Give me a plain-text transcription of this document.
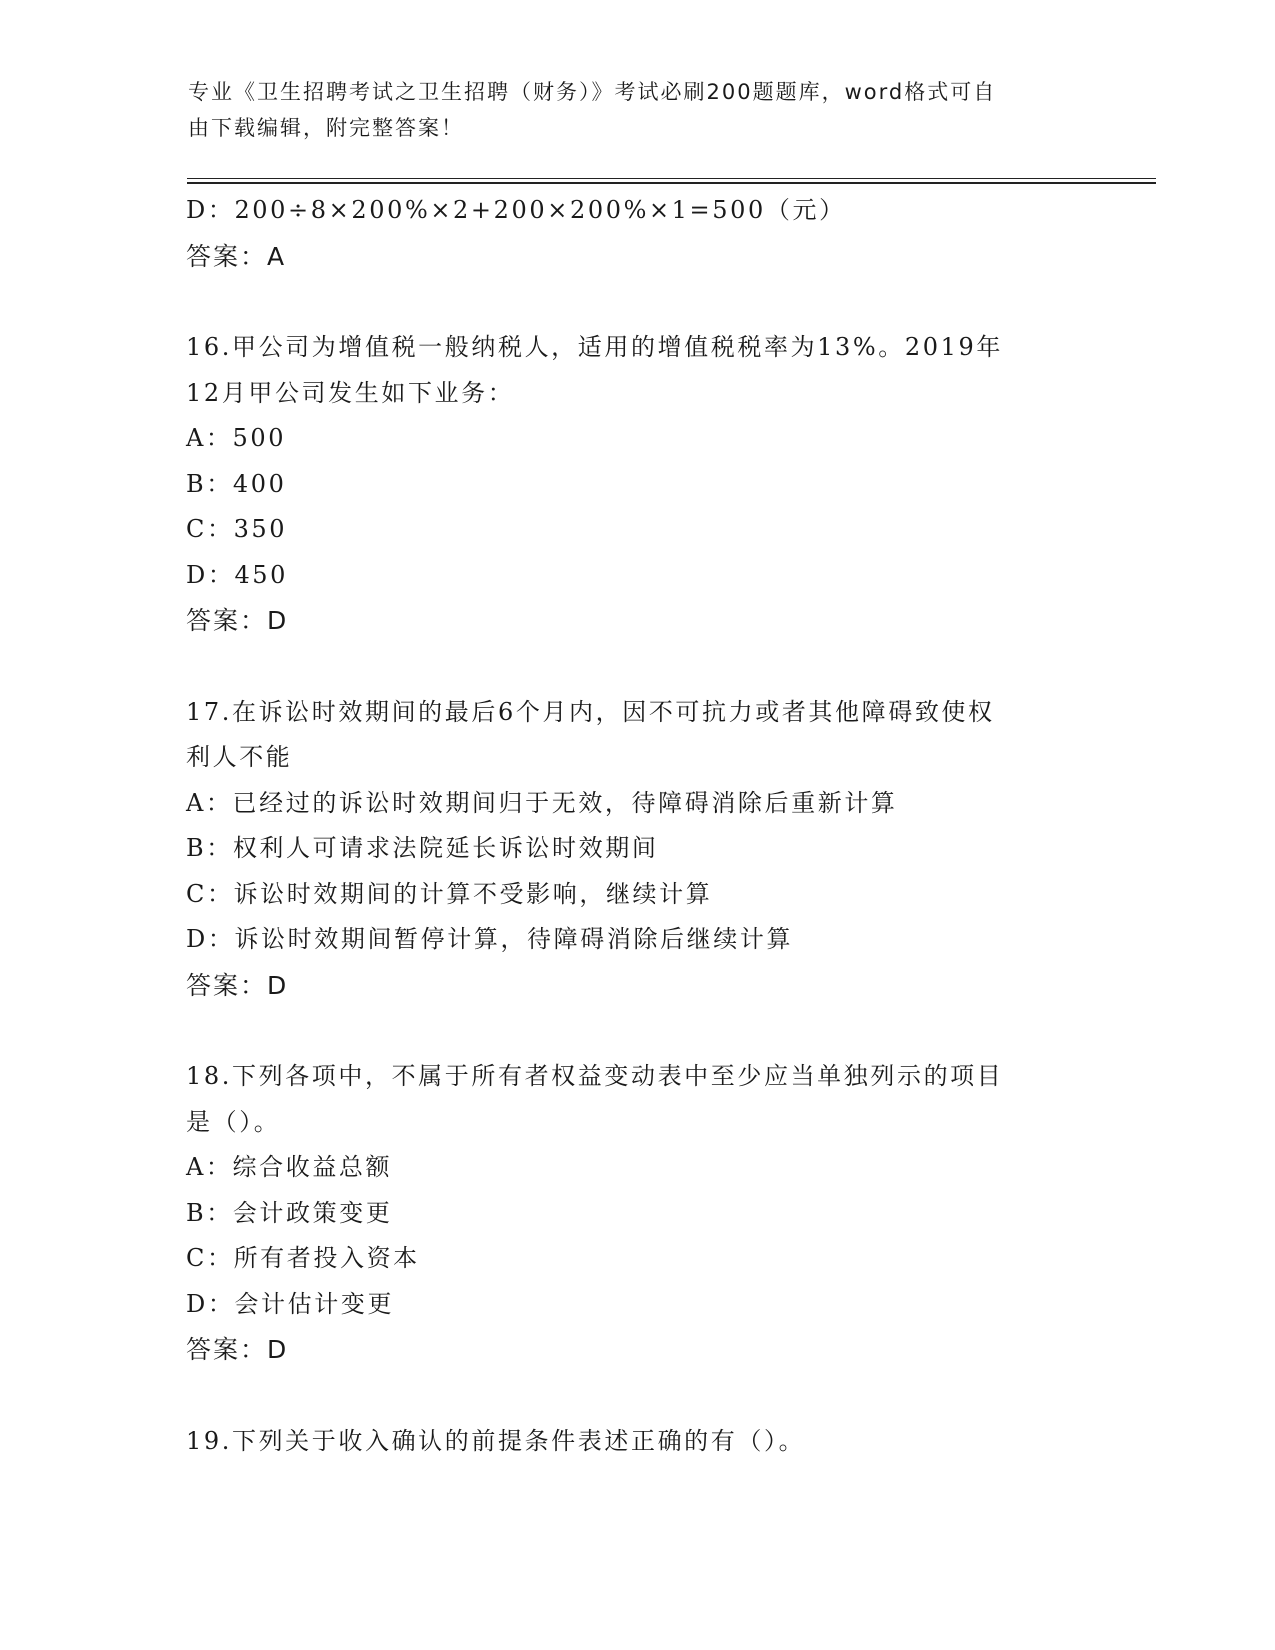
专业《卫生招聘考试之卫生招聘（财务）》考试必刷200题题库，word格式可自
由下载编辑，附完整答案！
D：200÷8×200%×2+200×200%×1=500（元）
答案：A
16.甲公司为增值税一般纳税人，适用的增值税税率为13%。2019年
12月甲公司发生如下业务：
A：500
B：400
C：350
D：450
答案：D
17.在诉讼时效期间的最后6个月内，因不可抗力或者其他障碍致使权
利人不能
A：已经过的诉讼时效期间归于无效，待障碍消除后重新计算
B：权利人可请求法院延长诉讼时效期间
C：诉讼时效期间的计算不受影响，继续计算
D：诉讼时效期间暂停计算，待障碍消除后继续计算
答案：D
18.下列各项中，不属于所有者权益变动表中至少应当单独列示的项目
是（）。
A：综合收益总额
B：会计政策变更
C：所有者投入资本
D：会计估计变更
答案：D
19.下列关于收入确认的前提条件表述正确的有（）。
